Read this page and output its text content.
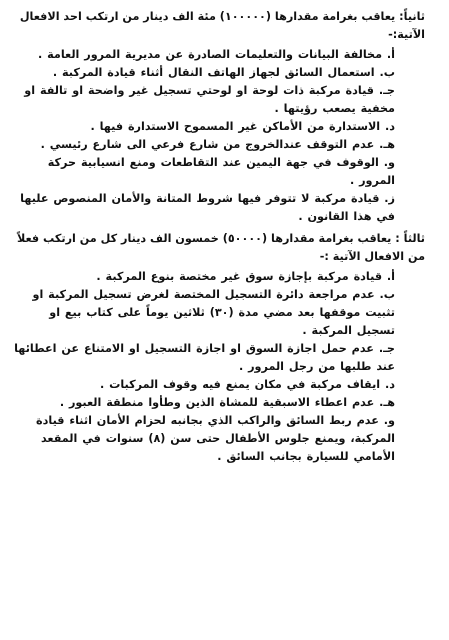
ثانياً: يعاقب بغرامة مقدارها (١٠٠٠٠٠) مئة الف دينار من ارتكب احد الافعال الآتية:-

أ. مخالفة البيانات والتعليمات الصادرة عن مديرية المرور العامة .
ب. استعمال السائق لجهاز الهاتف النقال أثناء قيادة المركبة .
جـ. قيادة مركبة ذات لوحة او لوحتي تسجيل غير واضحة او تالفة او مخفية يصعب رؤيتها .
د. الاستدارة من الأماكن غير المسموح الاستدارة فيها .
هـ. عدم التوقف عندالخروج من شارع فرعي الى شارع رئيسي .
و. الوقوف في جهة اليمين عند التقاطعات ومنع انسيابية حركة المرور .
ز. قيادة مركبة لا تتوفر فيها شروط المتانة والأمان المنصوص عليها في هذا القانون .

ثالثاً : يعاقب بغرامة مقدارها (٥٠٠٠٠) خمسون الف دينار كل من ارتكب فعلاً من الافعال الآتية :-

أ. قيادة مركبة بإجازة سوق غير مختصة بنوع المركبة .
ب. عدم مراجعة دائرة التسجيل المختصة لغرض تسجيل المركبة او تثبيت موقفها بعد مضي مدة (٣٠) ثلاثين يوماً على كتاب بيع او تسجيل المركبة .
جـ. عدم حمل اجازة السوق او اجازة التسجيل او الامتناع عن اعطائها عند طلبها من رجل المرور .
د. ايقاف مركبة في مكان يمنع فيه وقوف المركبات .
هـ. عدم اعطاء الاسبقية للمشاة الذين وطأوا منطقة العبور .
و. عدم ربط السائق والراكب الذي بجانبه لحزام الأمان اثناء قيادة المركبة، ويمنع جلوس الأطفال حتى سن (٨) سنوات في المقعد الأمامي للسيارة بجانب السائق .
